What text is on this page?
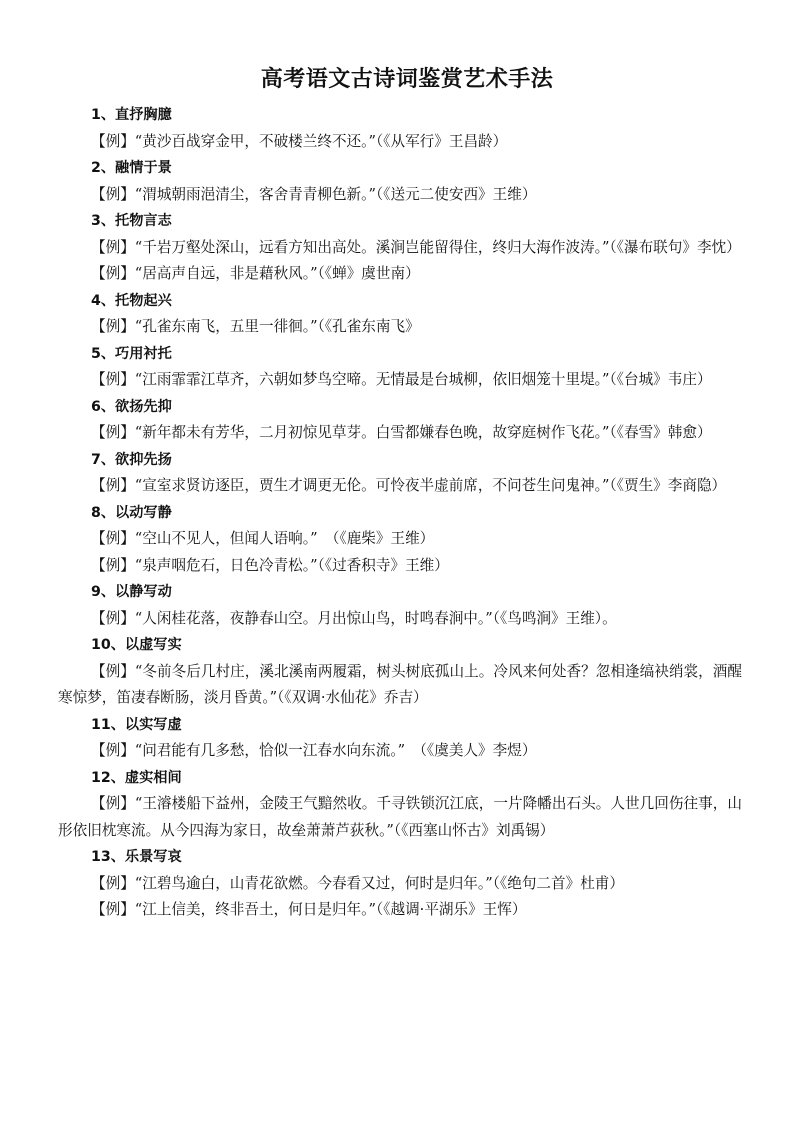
高考语文古诗词鉴赏艺术手法
1、直抒胸臆
【例】“黄沙百战穿金甲，不破楼兰终不还。”（《从军行》王昌龄）
2、融情于景
【例】“渭城朝雨浥清尘，客舍青青柳色新。”（《送元二使安西》王维）
3、托物言志
【例】“千岩万壑处深山，远看方知出高处。溪涧岂能留得住，终归大海作波涛。”（《瀑布联句》李忱）
【例】“居高声自远，非是藉秋风。”（《蝉》虞世南）
4、托物起兴
【例】“孔雀东南飞，五里一徘徊。”（《孔雀东南飞》
5、巧用衬托
【例】“江雨霏霏江草齐，六朝如梦鸟空啼。无情最是台城柳，依旧烟笼十里堤。”（《台城》韦庄）
6、欲扬先抑
【例】“新年都未有芳华，二月初惊见草芽。白雪都嫌春色晚，故穿庭树作飞花。”（《春雪》韩愈）
7、欲抑先扬
【例】“宣室求贤访逐臣，贾生才调更无伦。可怜夜半虚前席，不问苍生问鬼神。”（《贾生》李商隐）
8、以动写静
【例】“空山不见人，但闻人语响。”　（《鹿柴》王维）
【例】“泉声咽危石，日色冷青松。”（《过香积寺》王维）
9、以静写动
【例】“人闲桂花落，夜静春山空。月出惊山鸟，时鸣春涧中。”（《鸟鸣涧》王维）。
10、以虚写实
【例】“冬前冬后几村庄，溪北溪南两履霜，树头树底孤山上。冷风来何处香？忽相逢缟袂绡裳，酒醒寒惊梦，笛凄春断肠，淡月昏黄。”（《双调·水仙花》乔吉）
11、以实写虚
【例】“问君能有几多愁，恰似一江春水向东流。”　（《虞美人》李煜）
12、虚实相间
【例】“王濬楼船下益州，金陵王气黯然收。千寻铁锁沉江底，一片降幡出石头。人世几回伤往事，山形依旧枕寒流。从今四海为家日，故垒萧萧芦荻秋。”（《西塞山怀古》刘禹锡）
13、乐景写哀
【例】“江碧鸟逾白，山青花欲燃。今春看又过，何时是归年。”（《绝句二首》杜甫）
【例】“江上信美，终非吾土，何日是归年。”（《越调·平湖乐》王恽）
